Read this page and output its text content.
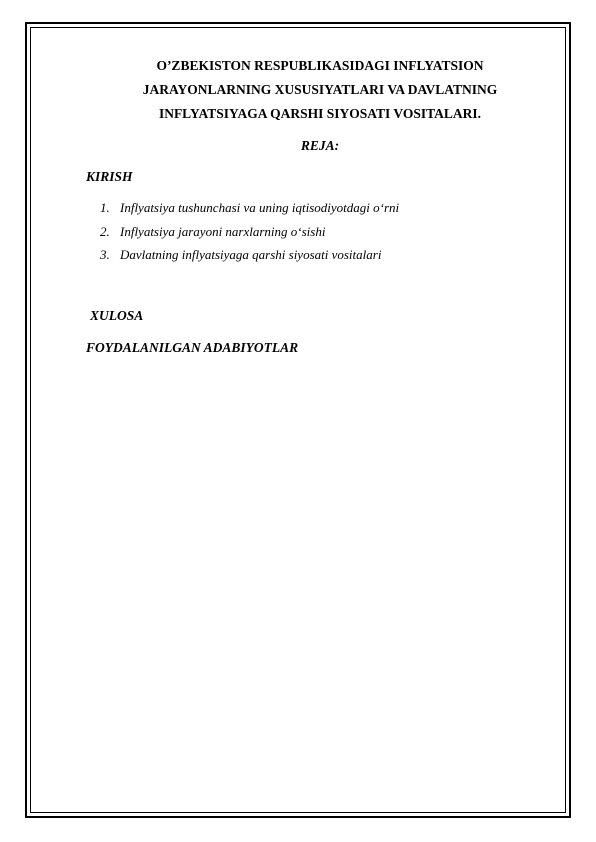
O’ZBEKISTON RESPUBLIKASIDAGI INFLYATSION
JARAYONLARNING XUSUSIYATLARI VA DAVLATNING
INFLYATSIYAGA QARSHI SIYOSATI VOSITALARI.
REJA:
KIRISH
1. Inflyatsiya tushunchasi va uning iqtisodiyotdagi o‘rni
2. Inflyatsiya jarayoni narxlarning o‘sishi
3. Davlatning inflyatsiyaga qarshi siyosati vositalari
XULOSA
FOYDALANILGAN ADABIYOTLAR
